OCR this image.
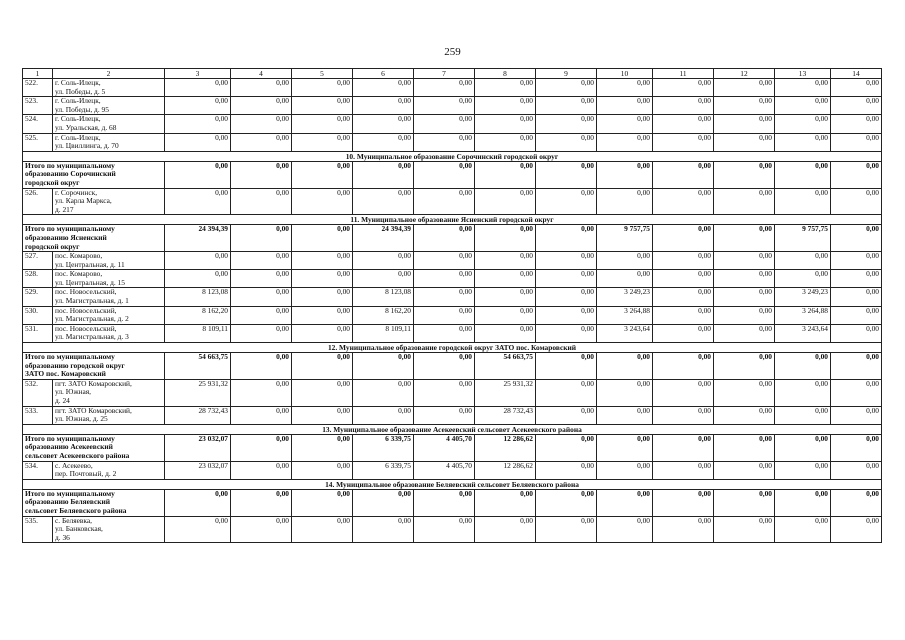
259
1	2	3	4	5	6	7	8	9	10	11	12	13	14
522.	г. Соль-Илецк,
ул. Победы, д. 5	0,00	0,00	0,00	0,00	0,00	0,00	0,00	0,00	0,00	0,00	0,00	0,00
523.	г. Соль-Илецк,
ул. Победы, д. 95	0,00	0,00	0,00	0,00	0,00	0,00	0,00	0,00	0,00	0,00	0,00	0,00
524.	г. Соль-Илецк,
ул. Уральская, д. 68	0,00	0,00	0,00	0,00	0,00	0,00	0,00	0,00	0,00	0,00	0,00	0,00
525.	г. Соль-Илецк,
ул. Цвиллинга, д. 70	0,00	0,00	0,00	0,00	0,00	0,00	0,00	0,00	0,00	0,00	0,00	0,00
10. Муниципальное образование Сорочинский городской округ													
Итого по муниципальному
образованию Сорочинский
городской округ		0,00	0,00	0,00	0,00	0,00	0,00	0,00	0,00	0,00	0,00	0,00	0,00
526.	г. Сорочинск,
ул. Карла Маркса,
д. 217	0,00	0,00	0,00	0,00	0,00	0,00	0,00	0,00	0,00	0,00	0,00	0,00
11. Муниципальное образование Ясненский городской округ													
Итого по муниципальному
образованию Ясненский
городской округ		24 394,39	0,00	0,00	24 394,39	0,00	0,00	0,00	9 757,75	0,00	0,00	9 757,75	0,00
527.	пос. Комарово,
ул. Центральная, д. 11	0,00	0,00	0,00	0,00	0,00	0,00	0,00	0,00	0,00	0,00	0,00	0,00
528.	пос. Комарово,
ул. Центральная, д. 15	0,00	0,00	0,00	0,00	0,00	0,00	0,00	0,00	0,00	0,00	0,00	0,00
529.	пос. Новосельский,
ул. Магистральная, д. 1	8 123,08	0,00	0,00	8 123,08	0,00	0,00	0,00	3 249,23	0,00	0,00	3 249,23	0,00
530.	пос. Новосельский,
ул. Магистральная, д. 2	8 162,20	0,00	0,00	8 162,20	0,00	0,00	0,00	3 264,88	0,00	0,00	3 264,88	0,00
531.	пос. Новосельский,
ул. Магистральная, д. 3	8 109,11	0,00	0,00	8 109,11	0,00	0,00	0,00	3 243,64	0,00	0,00	3 243,64	0,00
12. Муниципальное образование городской округ ЗАТО пос. Комаровский													
Итого по муниципальному
образованию городской округ
ЗАТО пос. Комаровский		54 663,75	0,00	0,00	0,00	0,00	54 663,75	0,00	0,00	0,00	0,00	0,00	0,00
532.	пгт. ЗАТО Комаровский,
ул. Южная,
д. 24	25 931,32	0,00	0,00	0,00	0,00	25 931,32	0,00	0,00	0,00	0,00	0,00	0,00
533.	пгт. ЗАТО Комаровский,
ул. Южная, д. 25	28 732,43	0,00	0,00	0,00	0,00	28 732,43	0,00	0,00	0,00	0,00	0,00	0,00
13. Муниципальное образование Асекеевский сельсовет Асекеевского района													
Итого по муниципальному
образованию Асекеевский
сельсовет Асекеевского района		23 032,07	0,00	0,00	6 339,75	4 405,70	12 286,62	0,00	0,00	0,00	0,00	0,00	0,00
534.	с. Асекеево,
пер. Почтовый, д. 2	23 032,07	0,00	0,00	6 339,75	4 405,70	12 286,62	0,00	0,00	0,00	0,00	0,00	0,00
14. Муниципальное образование Беляевский сельсовет Беляевского района													
Итого по муниципальному
образованию Беляевский
сельсовет Беляевского района		0,00	0,00	0,00	0,00	0,00	0,00	0,00	0,00	0,00	0,00	0,00	0,00
535.	с. Беляевка,
ул. Банковская,
д. 36	0,00	0,00	0,00	0,00	0,00	0,00	0,00	0,00	0,00	0,00	0,00	0,00
